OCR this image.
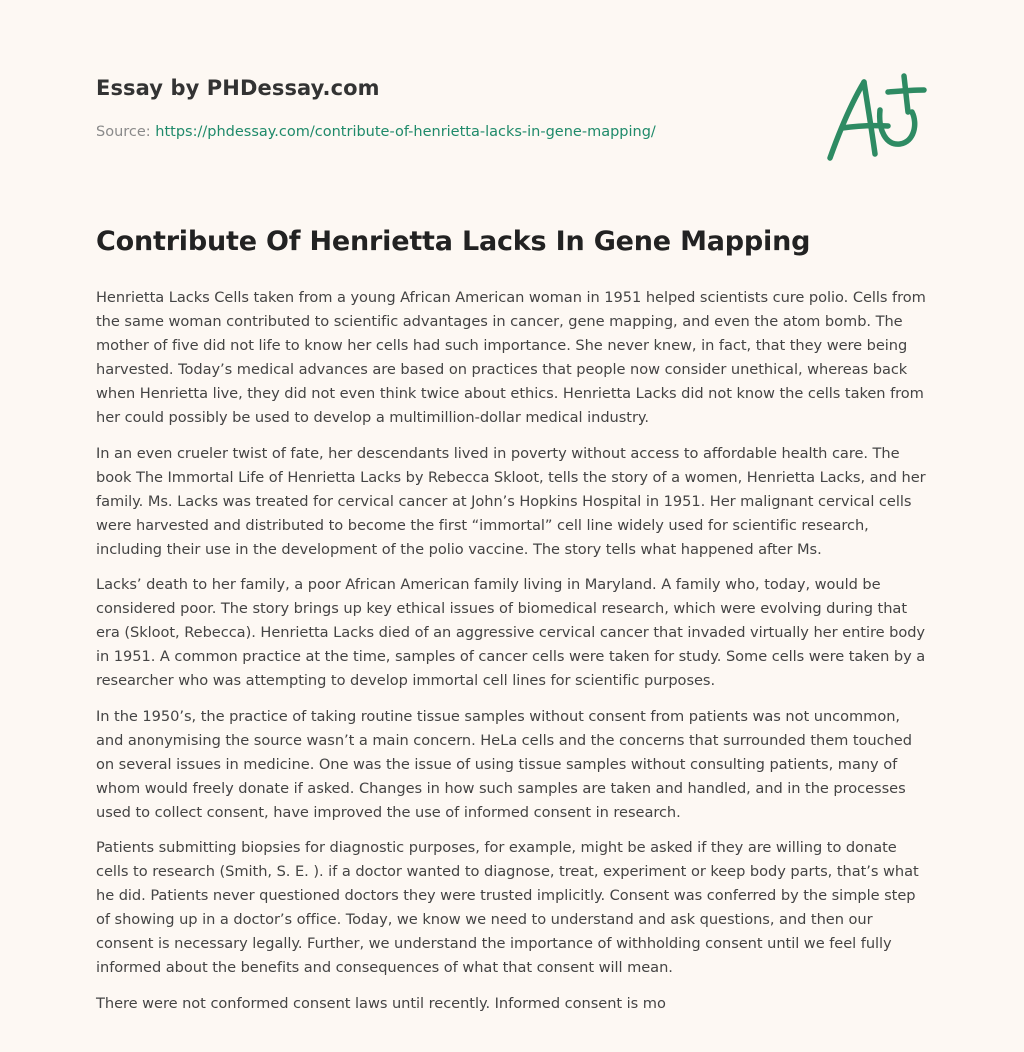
Essay by PHDessay.com
Source: https://phdessay.com/contribute-of-henrietta-lacks-in-gene-mapping/
Contribute Of Henrietta Lacks In Gene Mapping

Henrietta Lacks Cells taken from a young African American woman in 1951 helped scientists cure polio. Cells from the same woman contributed to scientific advantages in cancer, gene mapping, and even the atom bomb. The mother of five did not life to know her cells had such importance. She never knew, in fact, that they were being harvested. Today’s medical advances are based on practices that people now consider unethical, whereas back when Henrietta live, they did not even think twice about ethics. Henrietta Lacks did not know the cells taken from her could possibly be used to develop a multimillion-dollar medical industry.

In an even crueler twist of fate, her descendants lived in poverty without access to affordable health care. The book The Immortal Life of Henrietta Lacks by Rebecca Skloot, tells the story of a women, Henrietta Lacks, and her family. Ms. Lacks was treated for cervical cancer at John’s Hopkins Hospital in 1951. Her malignant cervical cells were harvested and distributed to become the first “immortal” cell line widely used for scientific research, including their use in the development of the polio vaccine. The story tells what happened after Ms.

Lacks’ death to her family, a poor African American family living in Maryland. A family who, today, would be considered poor. The story brings up key ethical issues of biomedical research, which were evolving during that era (Skloot, Rebecca). Henrietta Lacks died of an aggressive cervical cancer that invaded virtually her entire body in 1951. A common practice at the time, samples of cancer cells were taken for study. Some cells were taken by a researcher who was attempting to develop immortal cell lines for scientific purposes.

In the 1950’s, the practice of taking routine tissue samples without consent from patients was not uncommon, and anonymising the source wasn’t a main concern. HeLa cells and the concerns that surrounded them touched on several issues in medicine. One was the issue of using tissue samples without consulting patients, many of whom would freely donate if asked. Changes in how such samples are taken and handled, and in the processes used to collect consent, have improved the use of informed consent in research.

Patients submitting biopsies for diagnostic purposes, for example, might be asked if they are willing to donate cells to research (Smith, S. E. ). if a doctor wanted to diagnose, treat, experiment or keep body parts, that’s what he did. Patients never questioned doctors they were trusted implicitly. Consent was conferred by the simple step of showing up in a doctor’s office. Today, we know we need to understand and ask questions, and then our consent is necessary legally. Further, we understand the importance of withholding consent until we feel fully informed about the benefits and consequences of what that consent will mean.

There were not conformed consent laws until recently. Informed consent is mo
